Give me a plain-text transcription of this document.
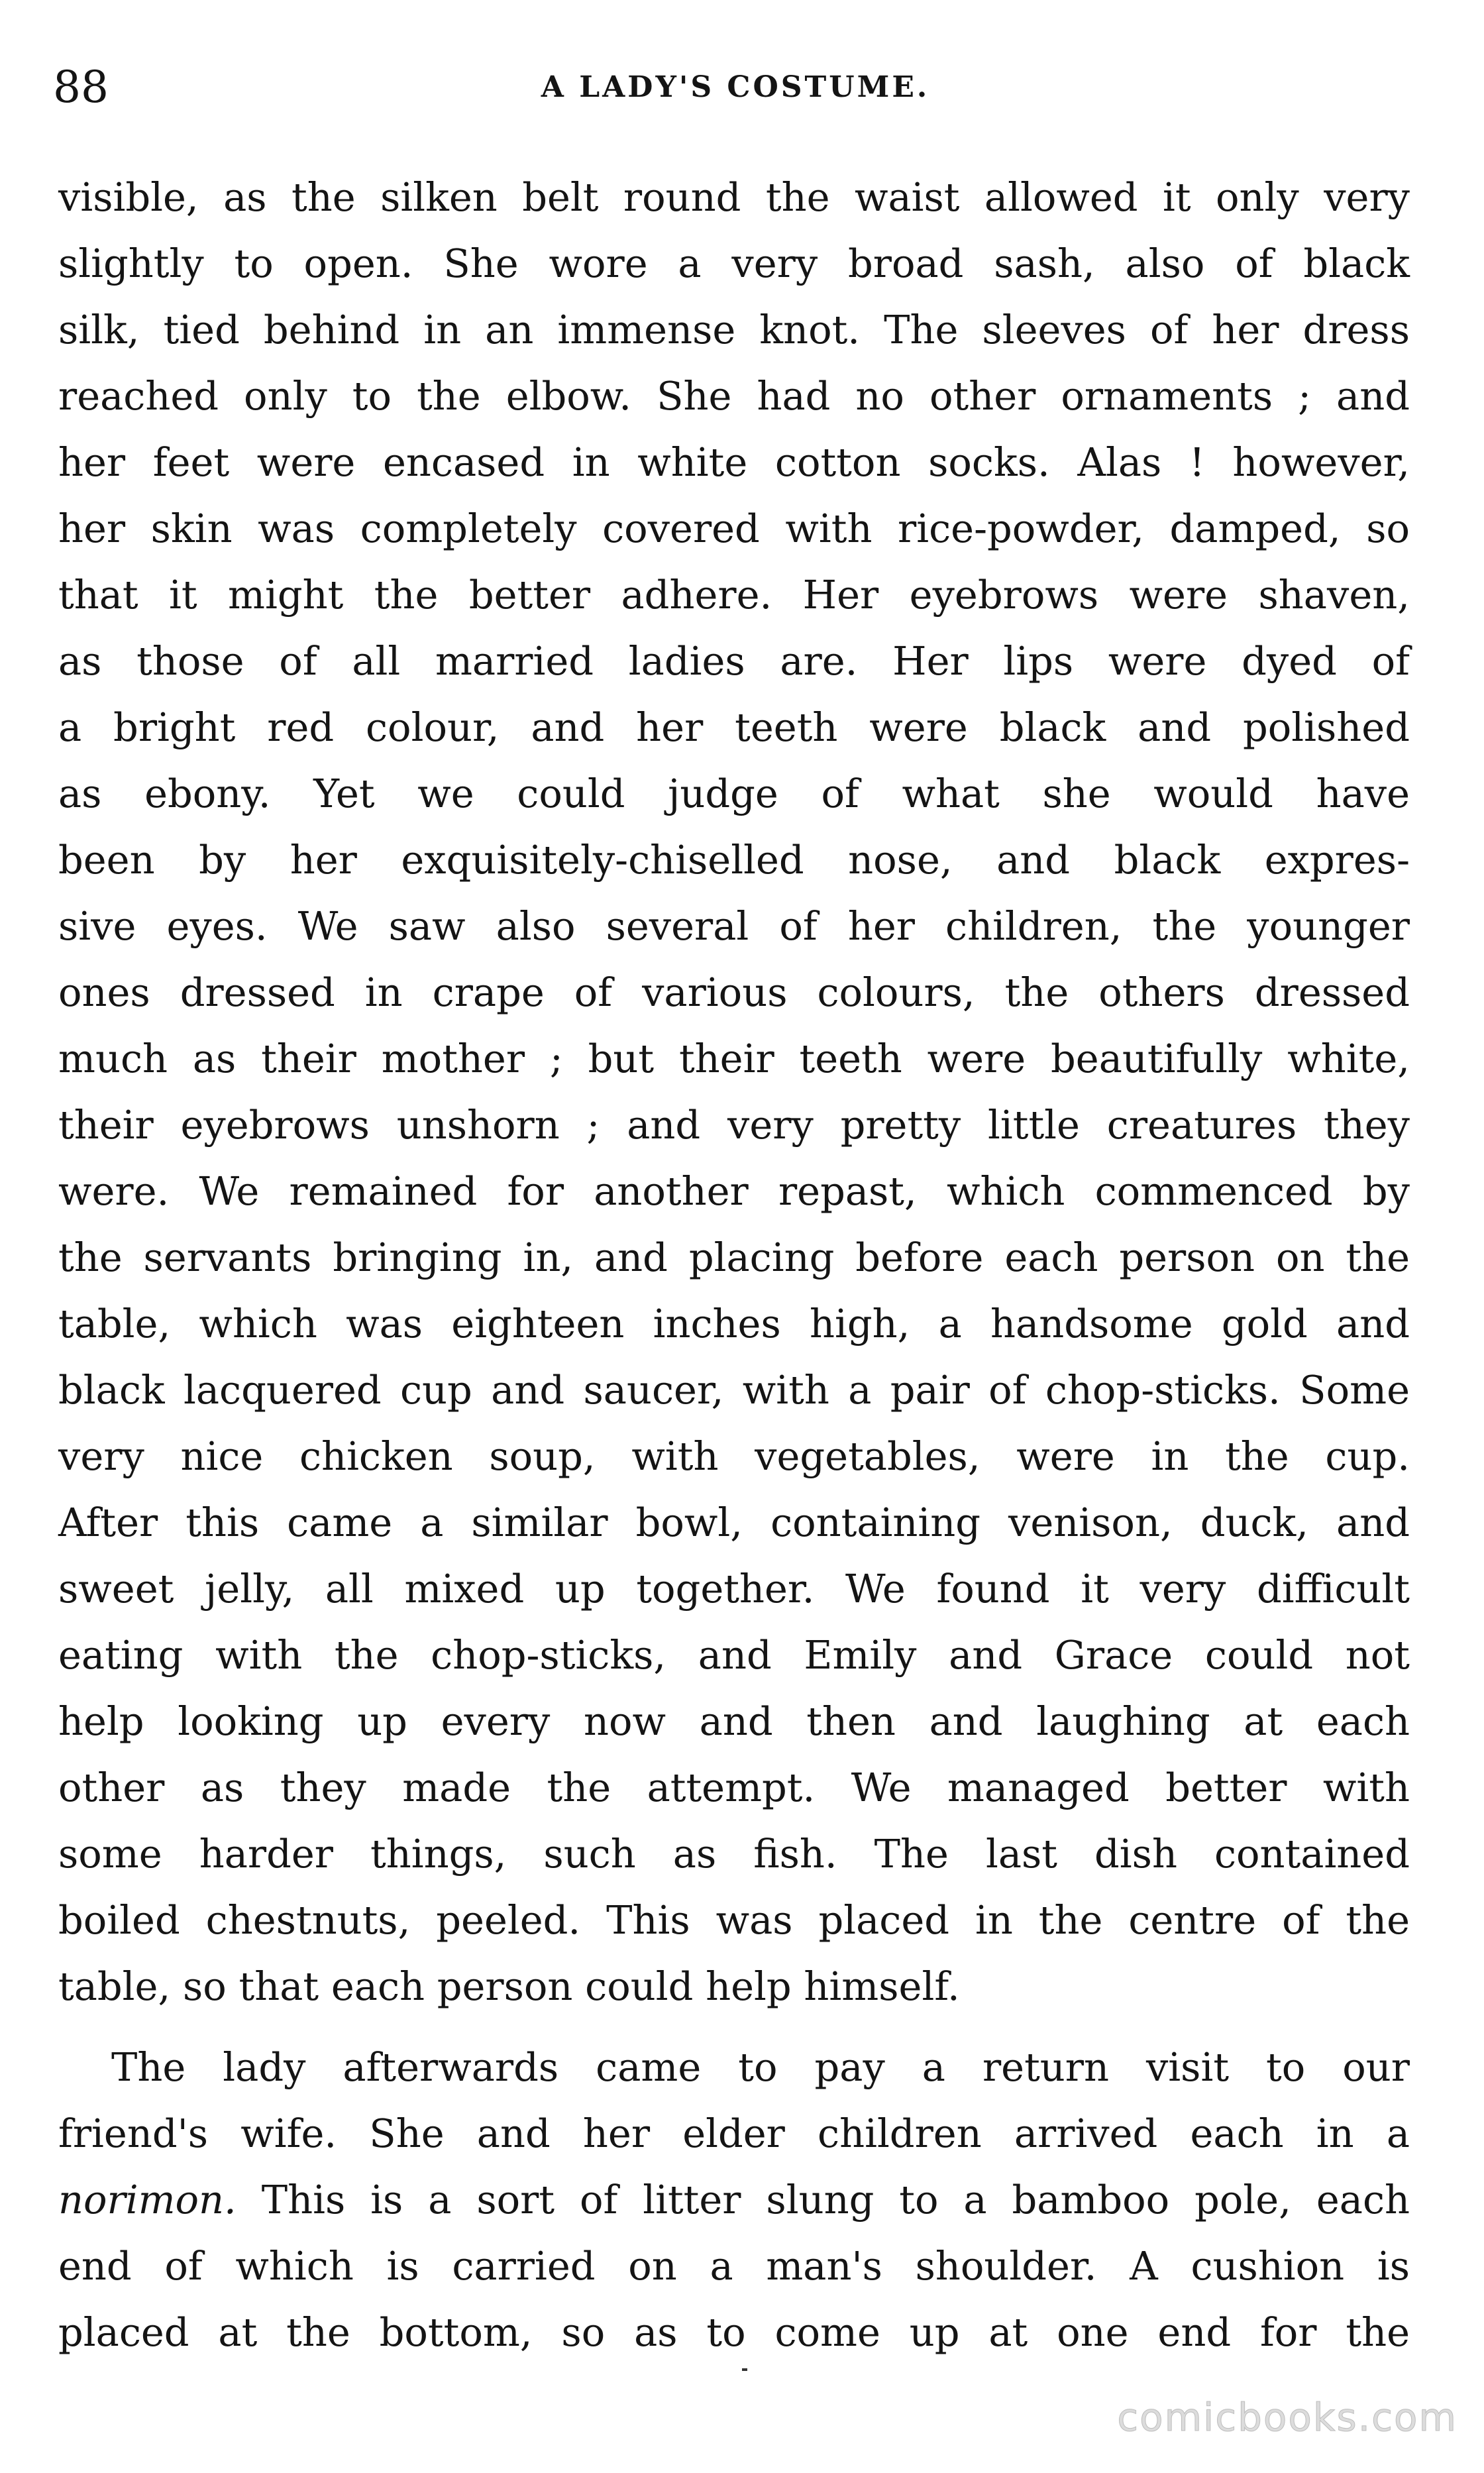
88	A LADY'S COSTUME.
visible, as the silken belt round the waist allowed it only very
slightly to open. She wore a very broad sash, also of black
silk, tied behind in an immense knot. The sleeves of her dress
reached only to the elbow. She had no other ornaments ; and
her feet were encased in white cotton socks. Alas ! however,
her skin was completely covered with rice-powder, damped, so
that it might the better adhere. Her eyebrows were shaven,
as those of all married ladies are. Her lips were dyed of
a bright red colour, and her teeth were black and polished
as ebony. Yet we could judge of what she would have
been by her exquisitely-chiselled nose, and black expres-
sive eyes. We saw also several of her children, the younger
ones dressed in crape of various colours, the others dressed
much as their mother ; but their teeth were beautifully white,
their eyebrows unshorn ; and very pretty little creatures they
were. We remained for another repast, which commenced by
the servants bringing in, and placing before each person on the
table, which was eighteen inches high, a handsome gold and
black lacquered cup and saucer, with a pair of chop-sticks. Some
very nice chicken soup, with vegetables, were in the cup.
After this came a similar bowl, containing venison, duck, and
sweet jelly, all mixed up together. We found it very difficult
eating with the chop-sticks, and Emily and Grace could not
help looking up every now and then and laughing at each
other as they made the attempt. We managed better with
some harder things, such as fish. The last dish contained
boiled chestnuts, peeled. This was placed in the centre of the
table, so that each person could help himself.
The lady afterwards came to pay a return visit to our
friend's wife. She and her elder children arrived each in a
norimon. This is a sort of litter slung to a bamboo pole, each
end of which is carried on a man's shoulder. A cushion is
placed at the bottom, so as to come up at one end for the
comicbooks.com
